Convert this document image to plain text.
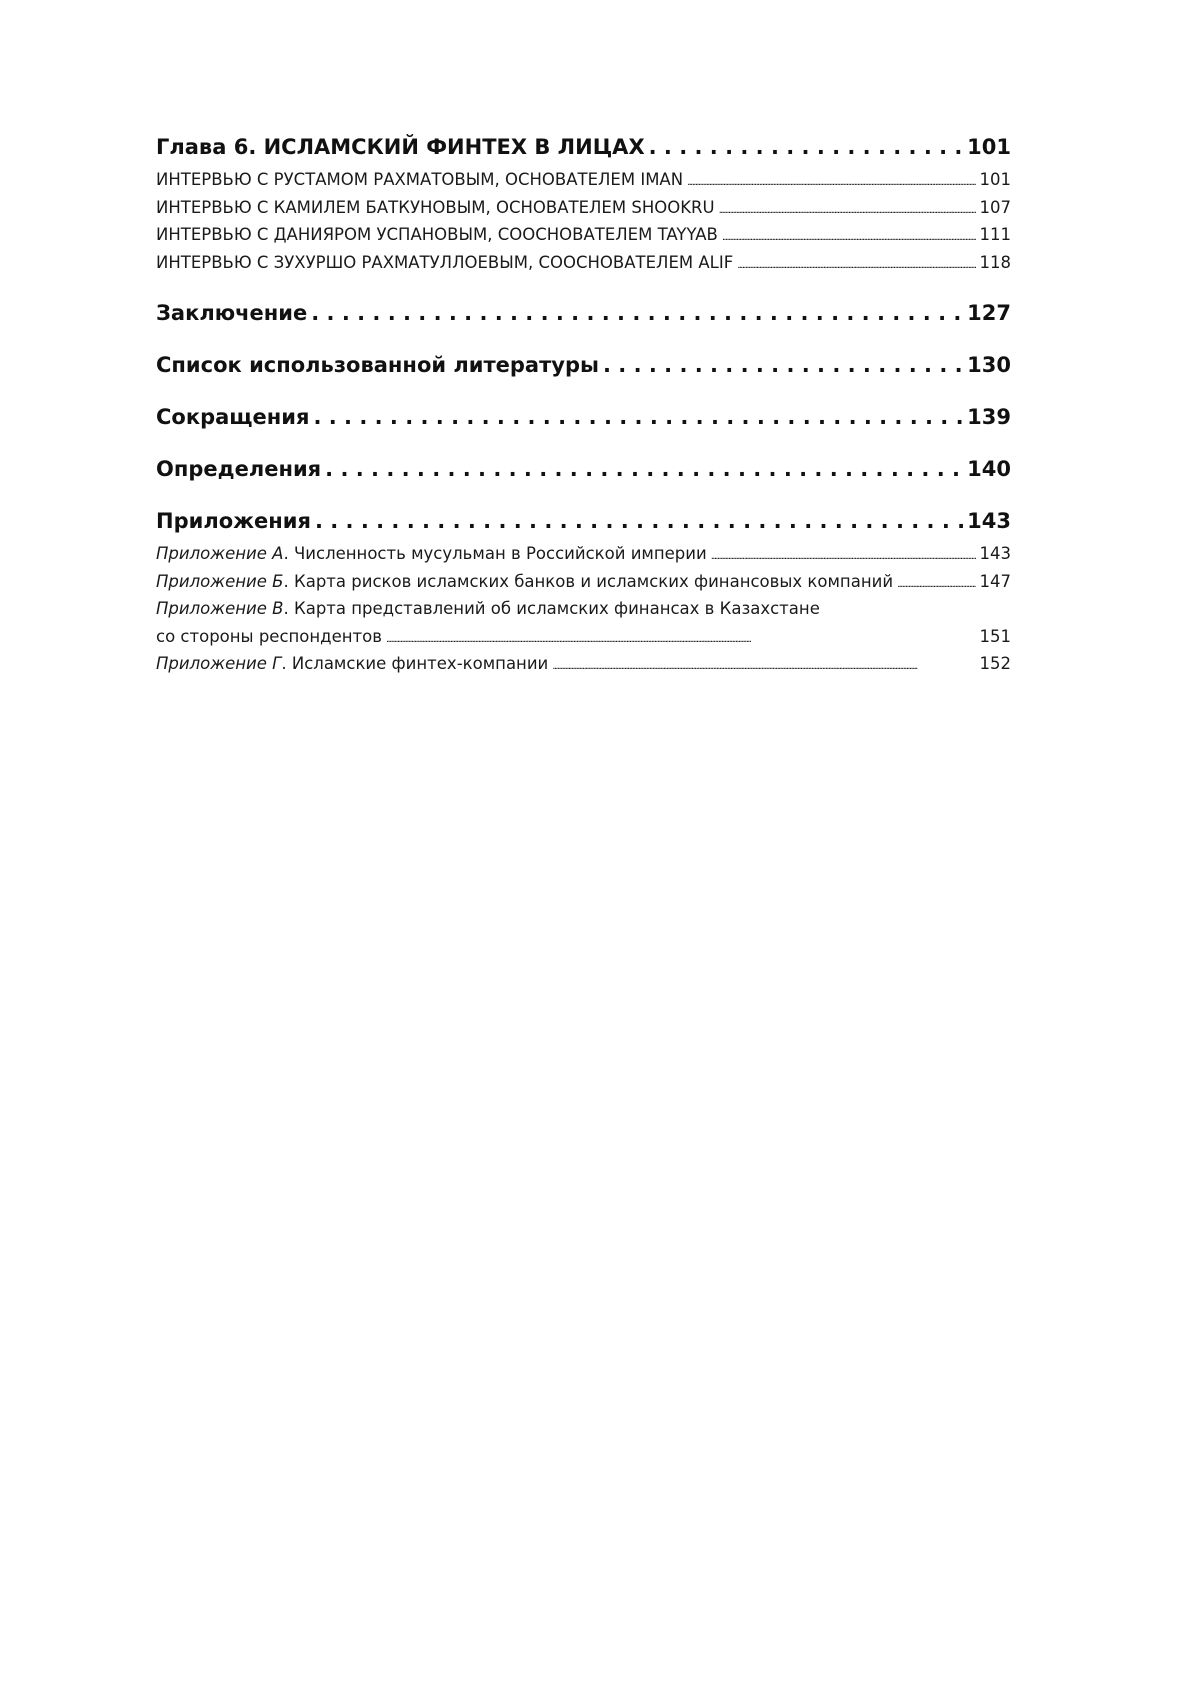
Глава 6. ИСЛАМСКИЙ ФИНТЕХ В ЛИЦАХ . . .	101
ИНТЕРВЬЮ С РУСТАМОМ РАХМАТОВЫМ, ОСНОВАТЕЛЕМ IMAN . . .	101
ИНТЕРВЬЮ С КАМИЛЕМ БАТКУНОВЫМ, ОСНОВАТЕЛЕМ SHOOKRU . . .	107
ИНТЕРВЬЮ С ДАНИЯРОМ УСПАНОВЫМ, СООСНОВАТЕЛЕМ TAYYAB . . .	111
ИНТЕРВЬЮ С ЗУХУРШО РАХМАТУЛЛОЕВЫМ, СООСНОВАТЕЛЕМ ALIF . . .	118
Заключение . . .	127
Список использованной литературы . . .	130
Сокращения . . .	139
Определения . . .	140
Приложения . . .	143
Приложение А. Численность мусульман в Российской империи . . .	143
Приложение Б. Карта рисков исламских банков и исламских финансовых компаний . . .	147
Приложение В. Карта представлений об исламских финансах в Казахстане
со стороны респондентов . . .	151
Приложение Г. Исламские финтех-компании . . .	152
